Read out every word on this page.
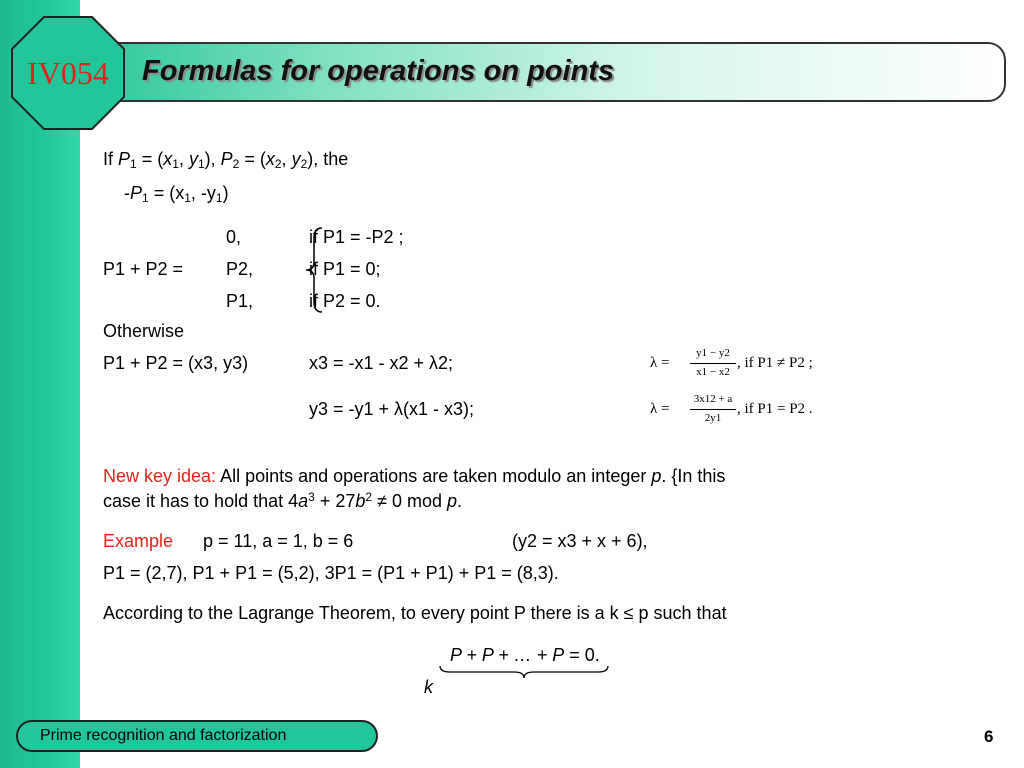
IV054	Formulas for operations on points
If $P_1 = (x_1$, $y_1$), $P_2 = (x_2$, $y_2$), the
$-P_1 = (x_1$, $-y_1$)
0,	if P1 = -P2 ;
P1 + P2 = P2,	if P1 = 0;
P1,	if P2 = 0.
Otherwise
P1 + P2 = (x3, y3)	x3 = -x1 - x2 + λ2;
y3 = -y1 + λ(x1 - x3);
λ =
y1 − y2
x1 − x2
, if P1 ≠ P2 ;
λ =
3x12 + a
2y1
, if P1 = P2 .
New key idea: All points and operations are taken modulo an integer p. {In this
case it has to hold that $4a^3 + 27b^2 \ne 0$ mod p.
Example p = 11, a = 1, b = 6	(y2 = x3 + x + 6),
P1 = (2,7), P1 + P1 = (5,2), 3P1 = (P1 + P1) + P1 = (8,3).
According to the Lagrange Theorem, to every point P there is a k ≤ p such that
P + P + … + P = 0.
k
Prime recognition and factorization	6
